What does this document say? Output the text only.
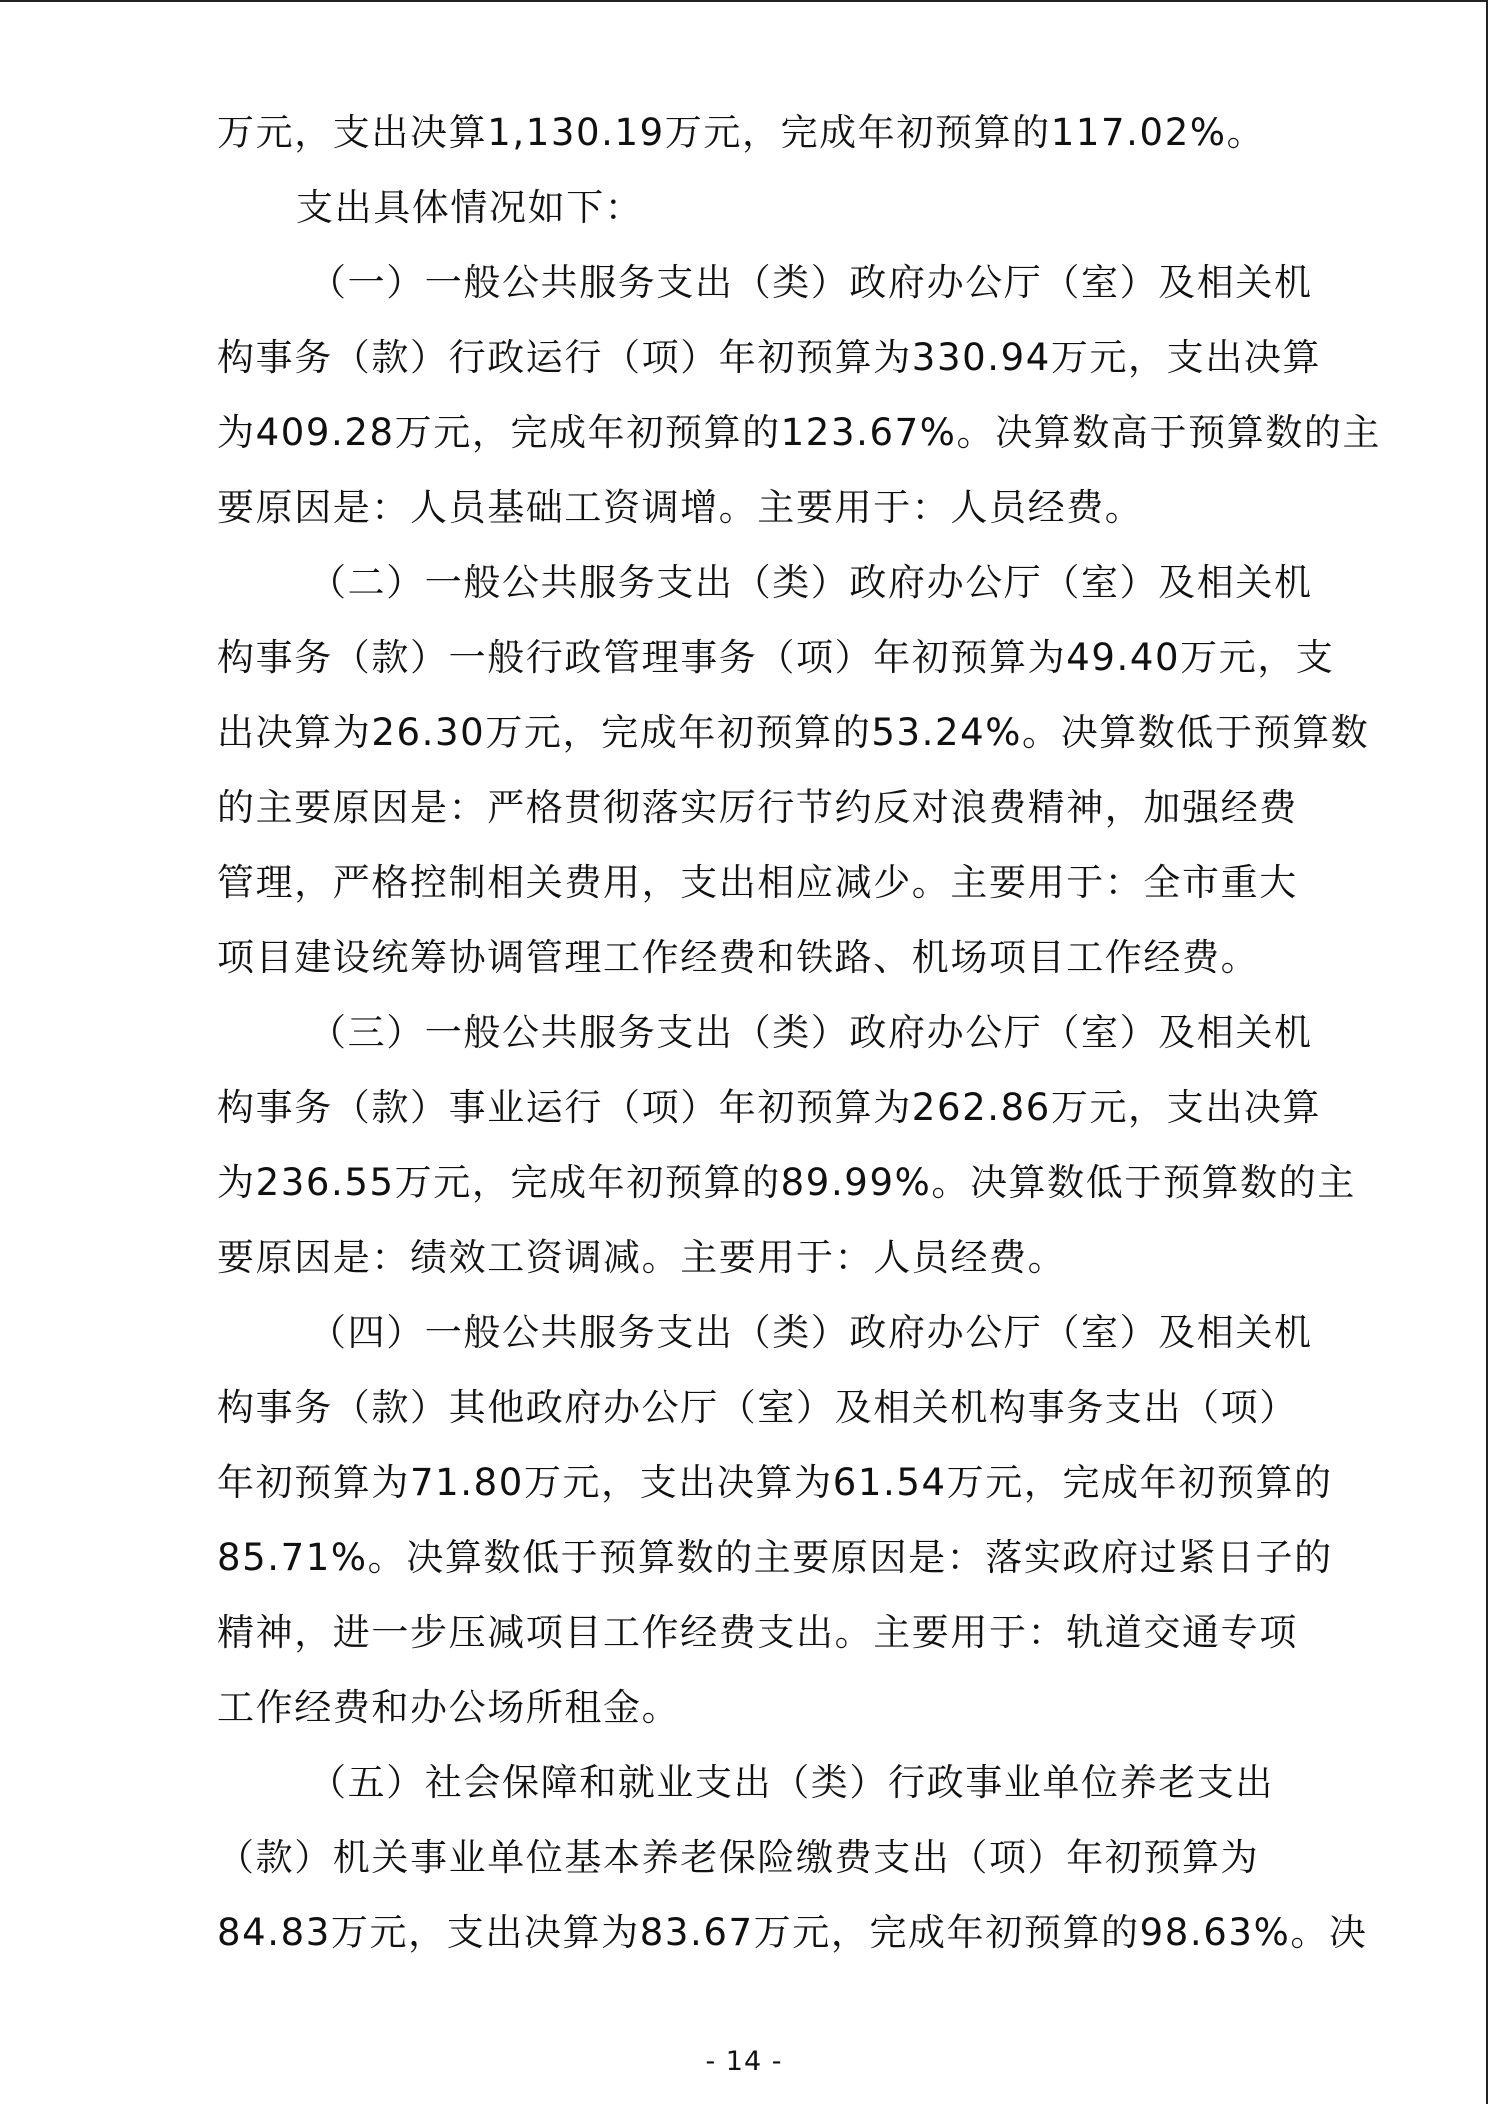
万元，支出决算1,130.19万元，完成年初预算的117.02%。
支出具体情况如下：
（一）一般公共服务支出（类）政府办公厅（室）及相关机
构事务（款）行政运行（项）年初预算为330.94万元，支出决算
为409.28万元，完成年初预算的123.67%。决算数高于预算数的主
要原因是：人员基础工资调增。主要用于：人员经费。
（二）一般公共服务支出（类）政府办公厅（室）及相关机
构事务（款）一般行政管理事务（项）年初预算为49.40万元，支
出决算为26.30万元，完成年初预算的53.24%。决算数低于预算数
的主要原因是：严格贯彻落实厉行节约反对浪费精神，加强经费
管理，严格控制相关费用，支出相应减少。主要用于：全市重大
项目建设统筹协调管理工作经费和铁路、机场项目工作经费。
（三）一般公共服务支出（类）政府办公厅（室）及相关机
构事务（款）事业运行（项）年初预算为262.86万元，支出决算
为236.55万元，完成年初预算的89.99%。决算数低于预算数的主
要原因是：绩效工资调减。主要用于：人员经费。
（四）一般公共服务支出（类）政府办公厅（室）及相关机
构事务（款）其他政府办公厅（室）及相关机构事务支出（项）
年初预算为71.80万元，支出决算为61.54万元，完成年初预算的
85.71%。决算数低于预算数的主要原因是：落实政府过紧日子的
精神，进一步压减项目工作经费支出。主要用于：轨道交通专项
工作经费和办公场所租金。
（五）社会保障和就业支出（类）行政事业单位养老支出
（款）机关事业单位基本养老保险缴费支出（项）年初预算为
84.83万元，支出决算为83.67万元，完成年初预算的98.63%。决
- 14 -
